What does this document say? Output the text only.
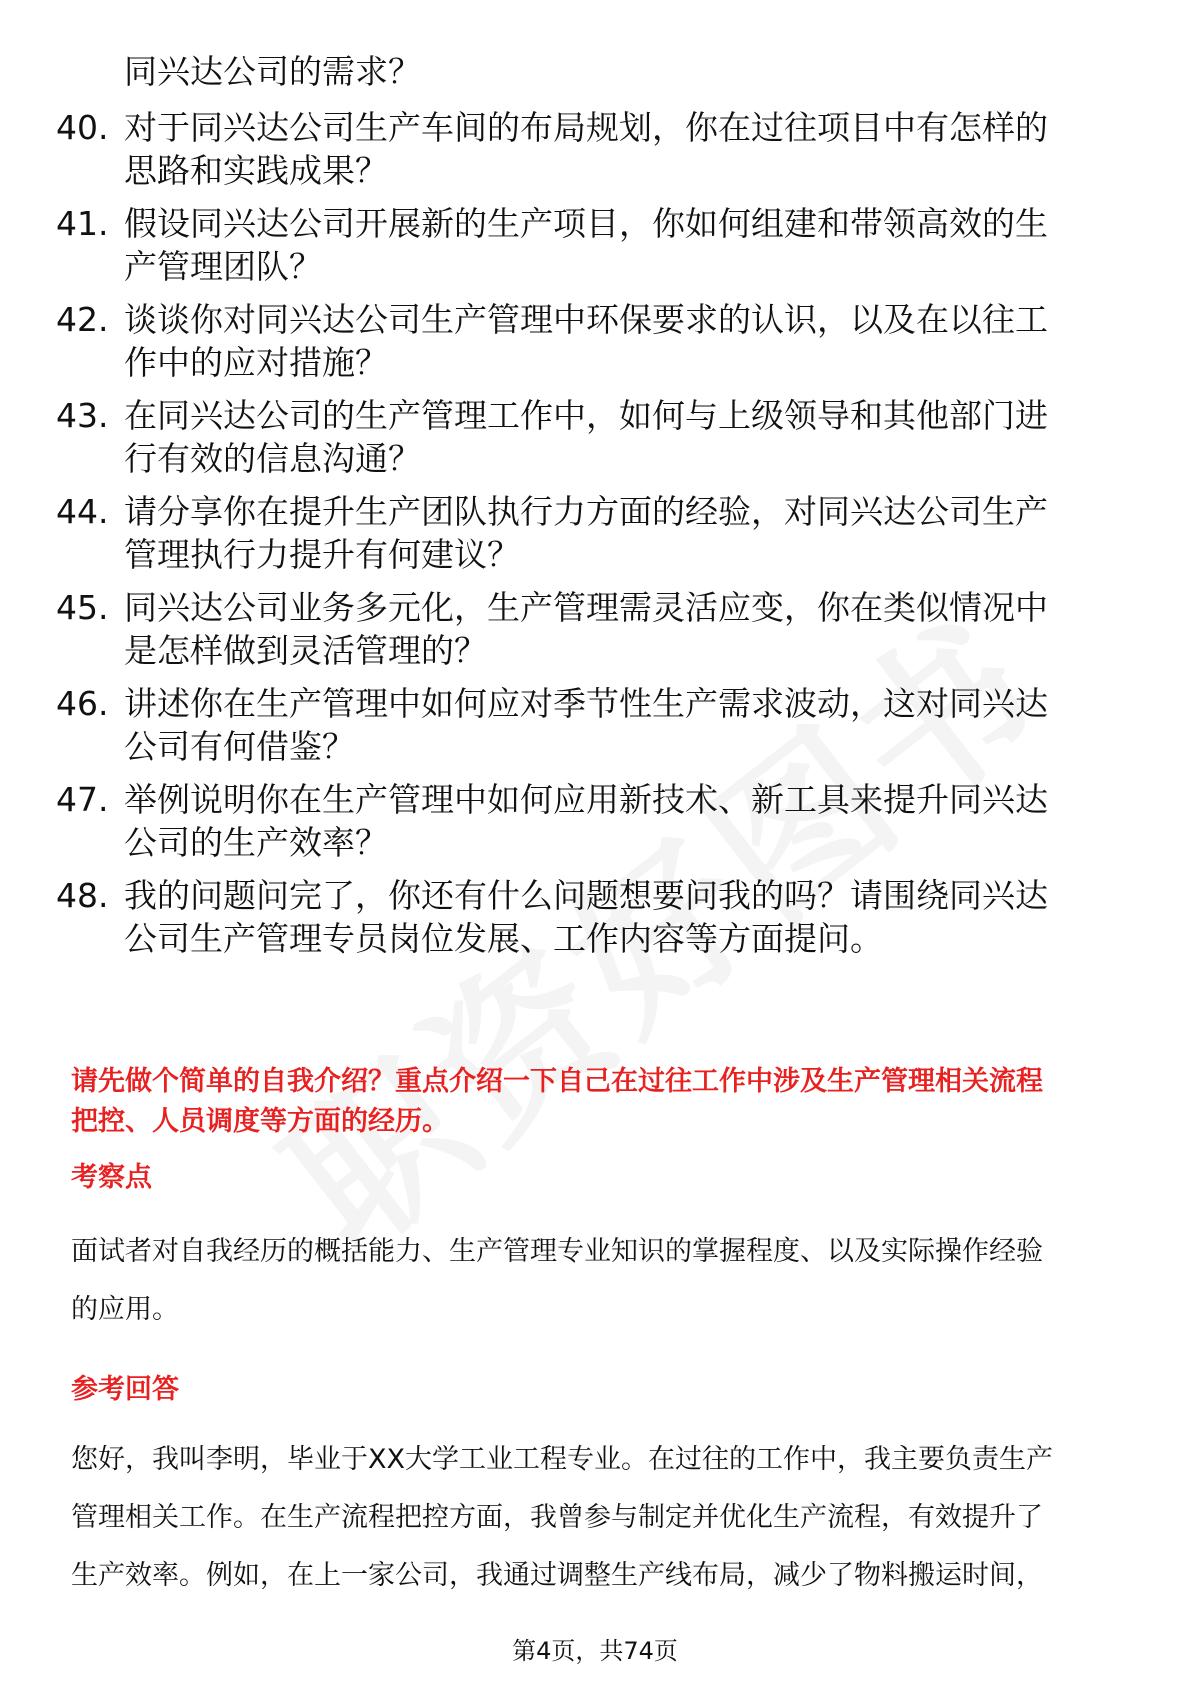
同兴达公司的需求？
40. 对于同兴达公司生产车间的布局规划，你在过往项目中有怎样的
思路和实践成果？
41. 假设同兴达公司开展新的生产项目，你如何组建和带领高效的生
产管理团队？
42. 谈谈你对同兴达公司生产管理中环保要求的认识，以及在以往工
作中的应对措施？
43. 在同兴达公司的生产管理工作中，如何与上级领导和其他部门进
行有效的信息沟通？
44. 请分享你在提升生产团队执行力方面的经验，对同兴达公司生产
管理执行力提升有何建议？
45. 同兴达公司业务多元化，生产管理需灵活应变，你在类似情况中
是怎样做到灵活管理的？
46. 讲述你在生产管理中如何应对季节性生产需求波动，这对同兴达
公司有何借鉴？
47. 举例说明你在生产管理中如何应用新技术、新工具来提升同兴达
公司的生产效率？
48. 我的问题问完了，你还有什么问题想要问我的吗？请围绕同兴达
公司生产管理专员岗位发展、工作内容等方面提问。
请先做个简单的自我介绍？重点介绍一下自己在过往工作中涉及生产管理相关流程
把控、人员调度等方面的经历。
考察点
面试者对自我经历的概括能力、生产管理专业知识的掌握程度、以及实际操作经验
的应用。
参考回答
您好，我叫李明，毕业于XX大学工业工程专业。在过往的工作中，我主要负责生产
管理相关工作。在生产流程把控方面，我曾参与制定并优化生产流程，有效提升了
生产效率。例如，在上一家公司，我通过调整生产线布局，减少了物料搬运时间，
第4页，共74页
